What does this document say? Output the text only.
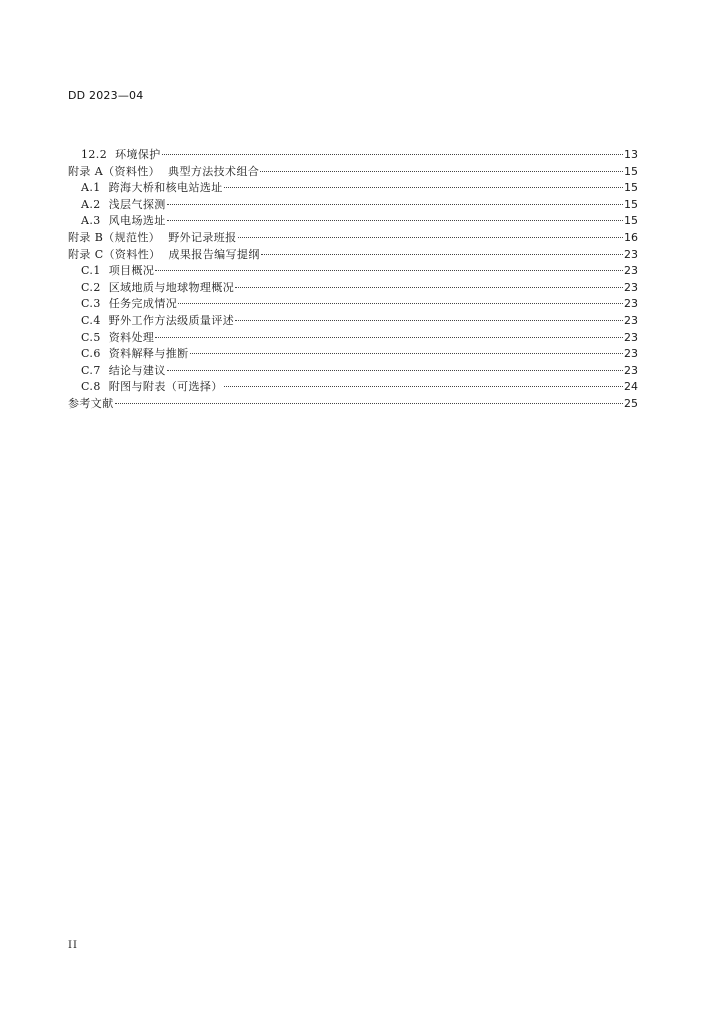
DD 2023—04
12.2 环境保护	13
附录 A（资料性） 典型方法技术组合	15
A.1 跨海大桥和核电站选址	15
A.2 浅层气探测	15
A.3 风电场选址	15
附录 B（规范性） 野外记录班报	16
附录 C（资料性） 成果报告编写提纲	23
C.1 项目概况	23
C.2 区域地质与地球物理概况	23
C.3 任务完成情况	23
C.4 野外工作方法级质量评述	23
C.5 资料处理	23
C.6 资料解释与推断	23
C.7 结论与建议	23
C.8 附图与附表（可选择）	24
参考文献	25
II
